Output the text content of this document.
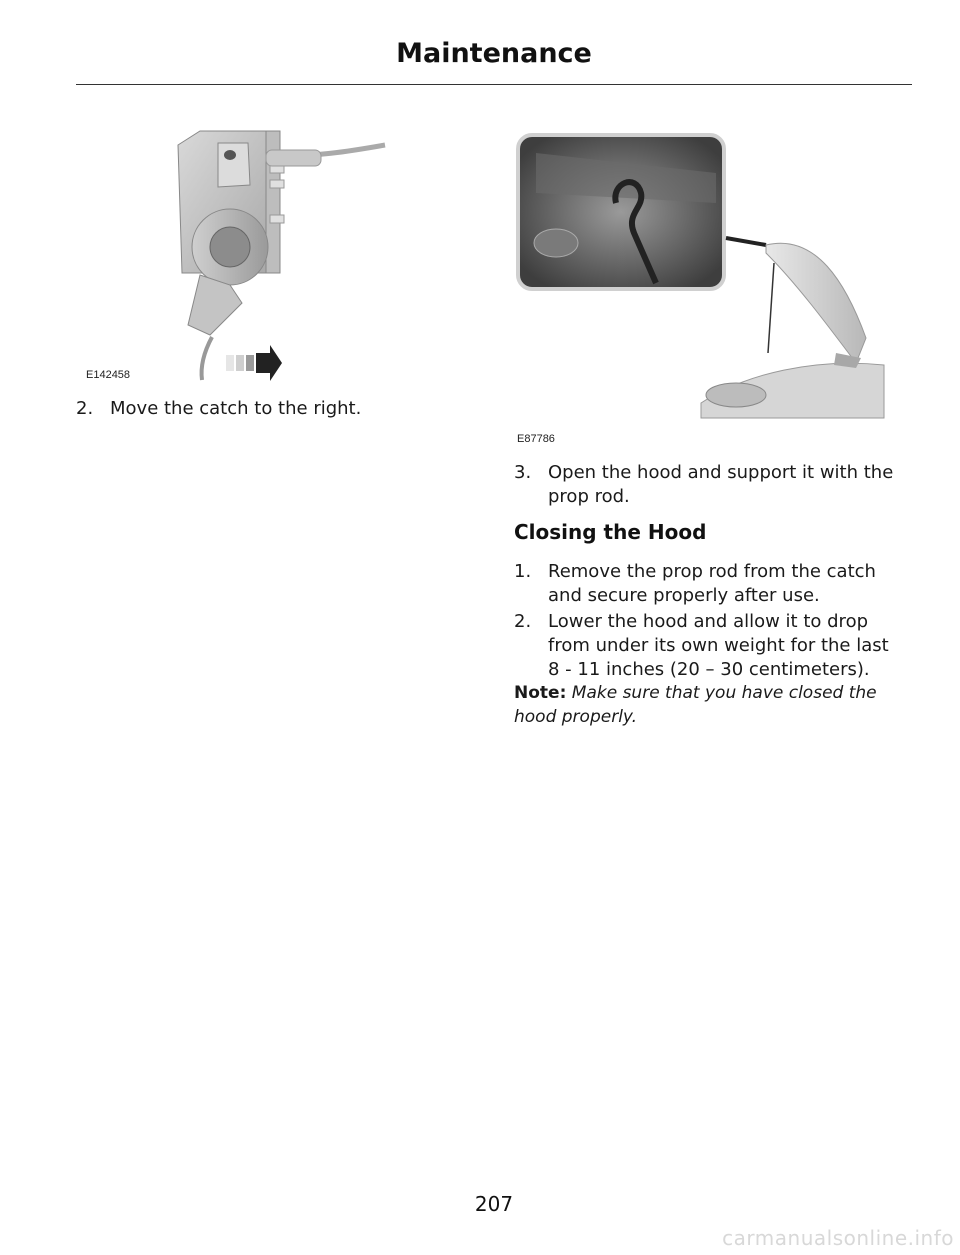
Maintenance
E142458
2. Move the catch to the right.
E87786
3. Open the hood and support it with the
prop rod.
Closing the Hood
1. Remove the prop rod from the catch
and secure properly after use.
2. Lower the hood and allow it to drop
from under its own weight for the last
8 - 11 inches (20 – 30 centimeters).
Note: Make sure that you have closed the
hood properly.
207
carmanualsonline.info
